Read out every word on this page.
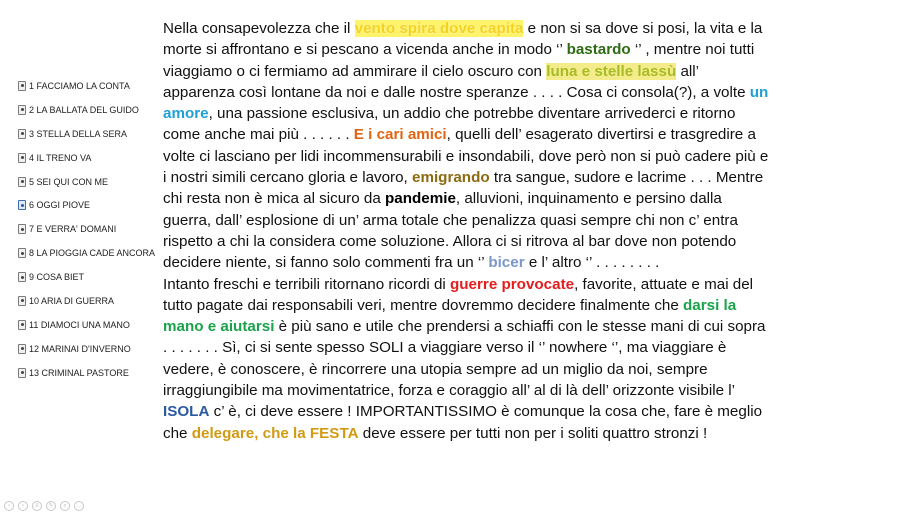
1 FACCIAMO LA CONTA
2 LA BALLATA DEL GUIDO
3 STELLA DELLA SERA
4 IL TRENO VA
5 SEI QUI CON ME
6 OGGI PIOVE
7 E VERRA' DOMANI
8 LA PIOGGIA CADE ANCORA
9 COSA BIET
10 ARIA DI GUERRA
11 DIAMOCI UNA MANO
12 MARINAI D'INVERNO
13 CRIMINAL PASTORE

Nella consapevolezza che il vento spira dove capita e non si sa dove si posi, la vita e la morte si affrontano e si pescano a vicenda anche in modo ‘’ bastardo ‘’ , mentre noi tutti viaggiamo o ci fermiamo ad ammirare il cielo oscuro con luna e stelle lassù all’ apparenza così lontane da noi e dalle nostre speranze . . . . Cosa ci consola(?), a volte un amore, una passione esclusiva, un addio che potrebbe diventare arrivederci e ritorno come anche mai più . . . . . . E i cari amici, quelli dell’ esagerato divertirsi e trasgredire a volte ci lasciano per lidi incommensurabili e insondabili, dove però non si può cadere più e i nostri simili cercano gloria e lavoro, emigrando tra sangue, sudore e lacrime . . . Mentre chi resta non è mica al sicuro da pandemie, alluvioni, inquinamento e persino dalla guerra, dall’ esplosione di un’ arma totale che penalizza quasi sempre chi non c’ entra rispetto a chi la considera come soluzione. Allora ci si ritrova al bar dove non potendo decidere niente, si fanno solo commenti fra un ‘’ bicer e l’ altro ‘’ . . . . . . . .

Intanto freschi e terribili ritornano ricordi di guerre provocate, favorite, attuate e mai del tutto pagate dai responsabili veri, mentre dovremmo decidere finalmente che darsi la mano e aiutarsi è più sano e utile che prendersi a schiaffi con le stesse mani di cui sopra . . . . . . . Sì, ci si sente spesso SOLI a viaggiare verso il ‘’ nowhere ‘’, ma viaggiare è vedere, è conoscere, è rincorrere una utopia sempre ad un miglio da noi, sempre irraggiungibile ma movimentatrice, forza e coraggio all’ al di là dell’ orizzonte visibile l’ ISOLA c’ è, ci deve essere ! IMPORTANTISSIMO è comunque la cosa che, fare è meglio che delegare, che la FESTA deve essere per tutti non per i soliti quattro stronzi !

‹	›	≡	✎	⌕	…
